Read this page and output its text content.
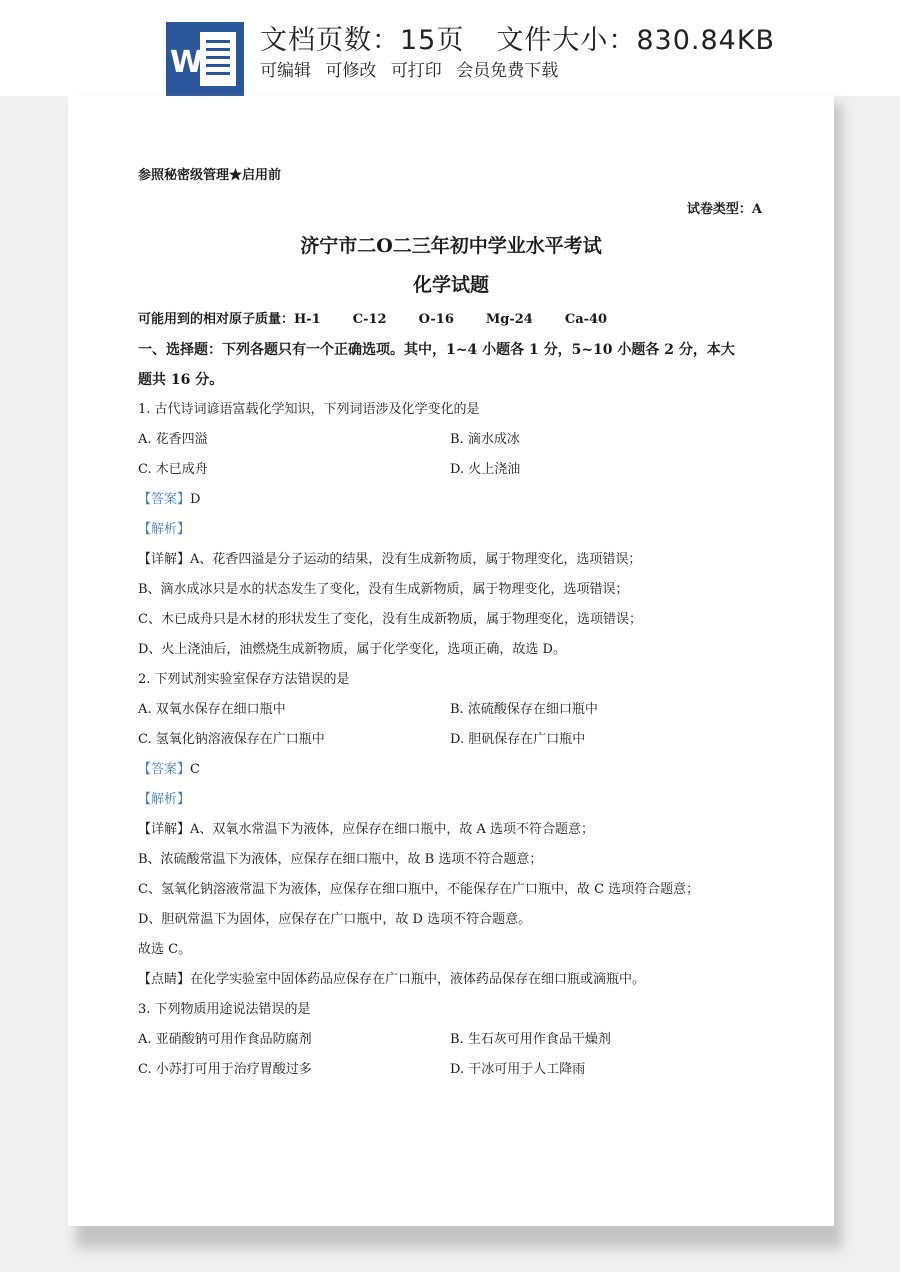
W
文档页数：15页 文件大小：830.84KB
可编辑 可修改 可打印 会员免费下载
参照秘密级管理★启用前
试卷类型：A
济宁市二O二三年初中学业水平考试
化学试题
可能用到的相对原子质量：H-1 C-12 O-16 Mg-24 Ca-40
一、选择题：下列各题只有一个正确选项。其中，1~4 小题各 1 分，5~10 小题各 2 分，本大
题共 16 分。
1. 古代诗词谚语富载化学知识，下列词语涉及化学变化的是
A. 花香四溢	B. 滴水成冰
C. 木已成舟	D. 火上浇油
【答案】D
【解析】
【详解】A、花香四溢是分子运动的结果，没有生成新物质，属于物理变化，选项错误；
B、滴水成冰只是水的状态发生了变化，没有生成新物质，属于物理变化，选项错误；
C、木已成舟只是木材的形状发生了变化，没有生成新物质，属于物理变化，选项错误；
D、火上浇油后，油燃烧生成新物质，属于化学变化，选项正确，故选 D。
2. 下列试剂实验室保存方法错误的是
A. 双氧水保存在细口瓶中	B. 浓硫酸保存在细口瓶中
C. 氢氧化钠溶液保存在广口瓶中	D. 胆矾保存在广口瓶中
【答案】C
【解析】
【详解】A、双氧水常温下为液体，应保存在细口瓶中，故 A 选项不符合题意；
B、浓硫酸常温下为液体，应保存在细口瓶中，故 B 选项不符合题意；
C、氢氧化钠溶液常温下为液体，应保存在细口瓶中，不能保存在广口瓶中，故 C 选项符合题意；
D、胆矾常温下为固体，应保存在广口瓶中，故 D 选项不符合题意。
故选 C。
【点睛】在化学实验室中固体药品应保存在广口瓶中，液体药品保存在细口瓶或滴瓶中。
3. 下列物质用途说法错误的是
A. 亚硝酸钠可用作食品防腐剂	B. 生石灰可用作食品干燥剂
C. 小苏打可用于治疗胃酸过多	D. 干冰可用于人工降雨
